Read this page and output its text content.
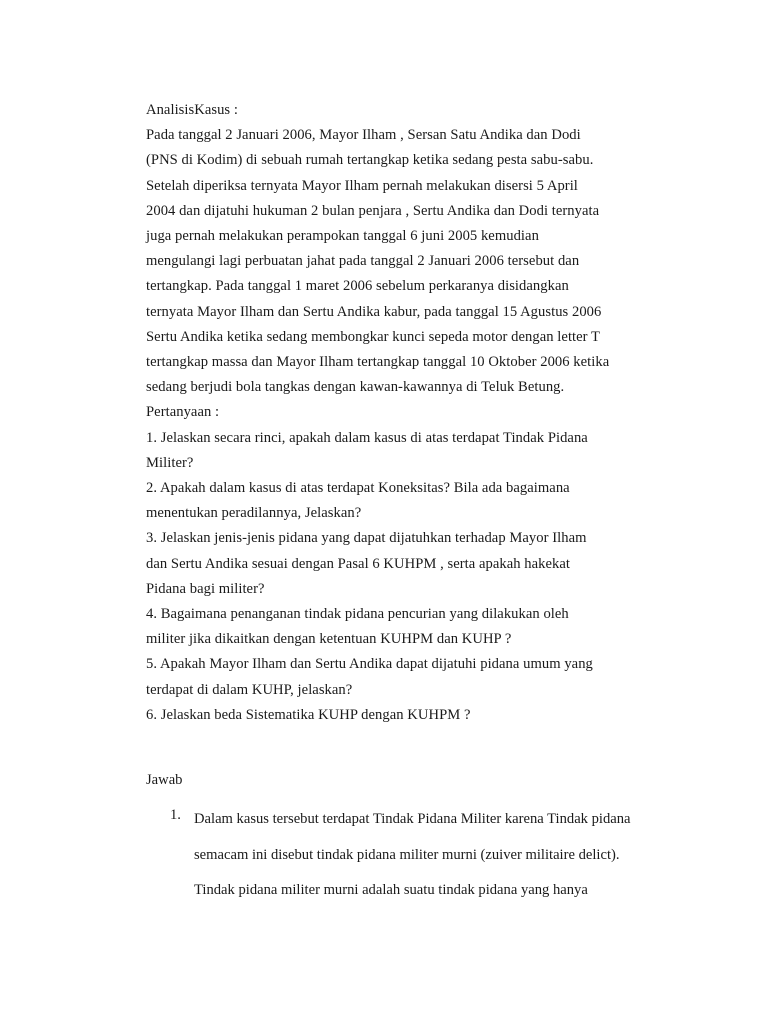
AnalisisKasus :

Pada tanggal 2 Januari 2006, Mayor Ilham , Sersan Satu Andika dan Dodi

(PNS di Kodim) di sebuah rumah tertangkap ketika sedang pesta sabu-sabu.

Setelah diperiksa ternyata Mayor Ilham pernah melakukan disersi 5 April

2004 dan dijatuhi hukuman 2 bulan penjara , Sertu Andika dan Dodi ternyata

juga pernah melakukan perampokan tanggal 6 juni 2005 kemudian

mengulangi lagi perbuatan jahat pada tanggal 2 Januari 2006 tersebut dan

tertangkap. Pada tanggal 1 maret 2006 sebelum perkaranya disidangkan

ternyata Mayor Ilham dan Sertu Andika kabur, pada tanggal 15 Agustus 2006

Sertu Andika ketika sedang membongkar kunci sepeda motor dengan letter T

tertangkap massa dan Mayor Ilham tertangkap tanggal 10 Oktober 2006 ketika

sedang berjudi bola tangkas dengan kawan-kawannya di Teluk Betung.

Pertanyaan :

1. Jelaskan secara rinci, apakah dalam kasus di atas terdapat Tindak Pidana

Militer?

2. Apakah dalam kasus di atas terdapat Koneksitas? Bila ada bagaimana

menentukan peradilannya, Jelaskan?

3. Jelaskan jenis-jenis pidana yang dapat dijatuhkan terhadap Mayor Ilham

dan Sertu Andika sesuai dengan Pasal 6 KUHPM , serta apakah hakekat

Pidana bagi militer?

4. Bagaimana penanganan tindak pidana pencurian yang dilakukan oleh

militer jika dikaitkan dengan ketentuan KUHPM dan KUHP ?

5. Apakah Mayor Ilham dan Sertu Andika dapat dijatuhi pidana umum yang

terdapat di dalam KUHP, jelaskan?

6. Jelaskan beda Sistematika KUHP dengan KUHPM ?

Jawab

1. Dalam kasus tersebut terdapat Tindak Pidana Militer karena Tindak pidana
semacam ini disebut tindak pidana militer murni (zuiver militaire delict).
Tindak pidana militer murni adalah suatu tindak pidana yang hanya
